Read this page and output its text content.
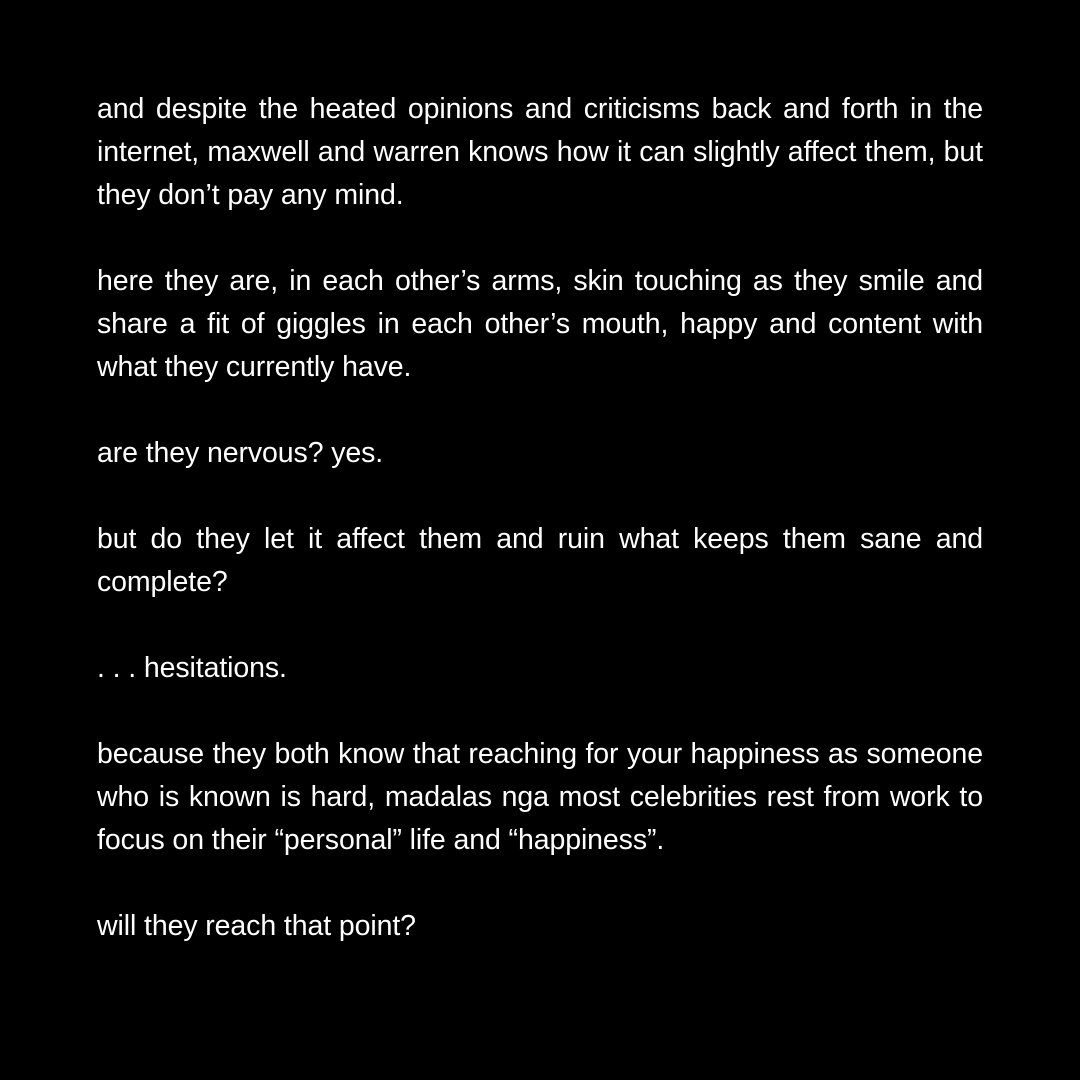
and despite the heated opinions and criticisms back and forth in the internet, maxwell and warren knows how it can slightly affect them, but they don’t pay any mind.

here they are, in each other’s arms, skin touching as they smile and share a fit of giggles in each other’s mouth, happy and content with what they currently have.

are they nervous? yes.

but do they let it affect them and ruin what keeps them sane and complete?

. . . hesitations.

because they both know that reaching for your happiness as someone who is known is hard, madalas nga most celebrities rest from work to focus on their “personal” life and “happiness”.

will they reach that point?
